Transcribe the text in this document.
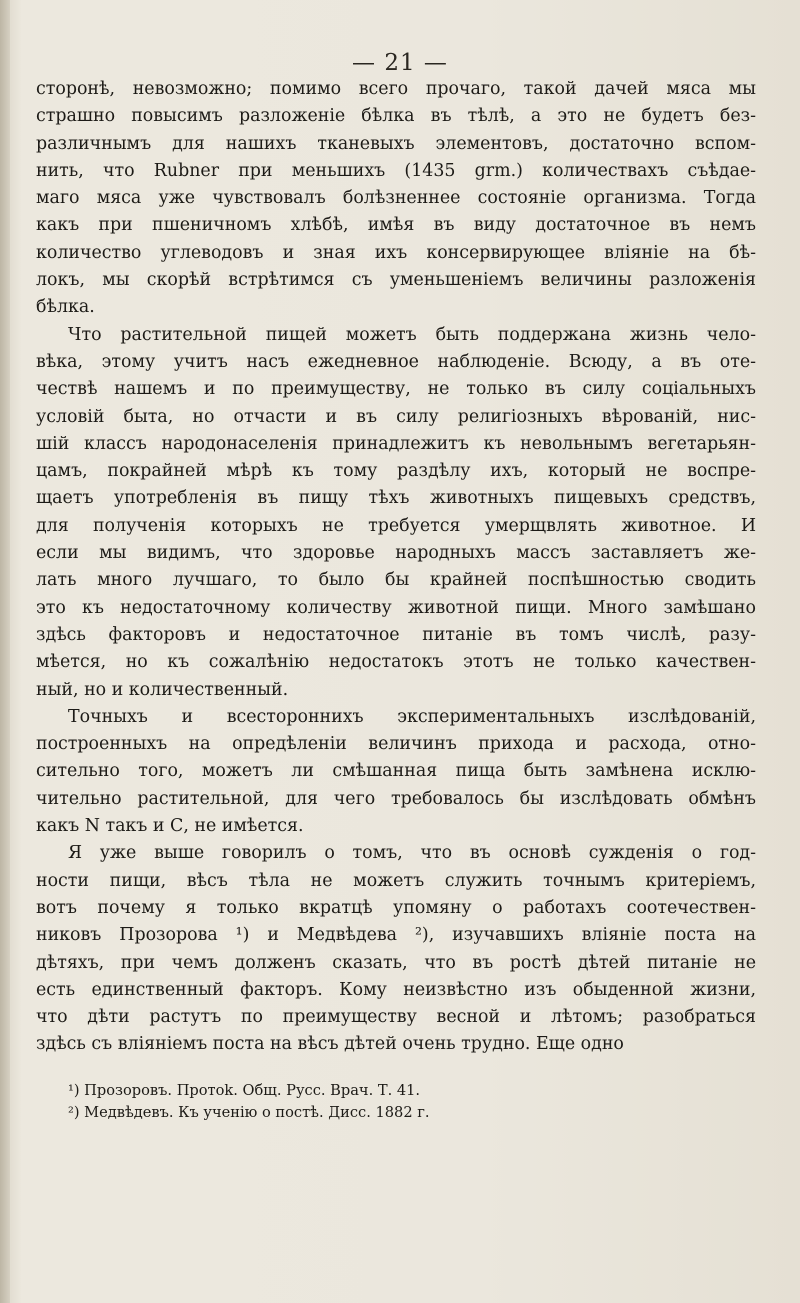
— 21 —
сторонѣ, невозможно; помимо всего прочаго, такой дачей мяса мы
страшно повысимъ разложеніе бѣлка въ тѣлѣ, а это не будетъ без-
различнымъ для нашихъ тканевыхъ элементовъ, достаточно вспом-
нить, что Rubner при меньшихъ (1435 grm.) количествахъ съѣдае-
маго мяса уже чувствовалъ болѣзненнее состояніе организма. Тогда
какъ при пшеничномъ хлѣбѣ, имѣя въ виду достаточное въ немъ
количество углеводовъ и зная ихъ консервирующее вліяніе на бѣ-
локъ, мы скорѣй встрѣтимся съ уменьшеніемъ величины разложенія
бѣлка.
Что растительной пищей можетъ быть поддержана жизнь чело-
вѣка, этому учитъ насъ ежедневное наблюденіе. Всюду, а въ оте-
чествѣ нашемъ и по преимуществу, не только въ силу соціальныхъ
условій быта, но отчасти и въ силу религіозныхъ вѣрованій, нис-
шій классъ народонаселенія принадлежитъ къ невольнымъ вегетарьян-
цамъ, покрайней мѣрѣ къ тому раздѣлу ихъ, который не воспре-
щаетъ употребленія въ пищу тѣхъ животныхъ пищевыхъ средствъ,
для полученія которыхъ не требуется умерщвлять животное. И
если мы видимъ, что здоровье народныхъ массъ заставляетъ же-
лать много лучшаго, то было бы крайней поспѣшностью сводить
это къ недостаточному количеству животной пищи. Много замѣшано
здѣсь факторовъ и недостаточное питаніе въ томъ числѣ, разу-
мѣется, но къ сожалѣнію недостатокъ этотъ не только качествен-
ный, но и количественный.
Точныхъ и всестороннихъ экспериментальныхъ изслѣдованій,
построенныхъ на опредѣленіи величинъ прихода и расхода, отно-
сительно того, можетъ ли смѣшанная пища быть замѣнена исклю-
чительно растительной, для чего требовалось бы изслѣдовать обмѣнъ
какъ N такъ и С, не имѣется.
Я уже выше говорилъ о томъ, что въ основѣ сужденія о год-
ности пищи, вѣсъ тѣла не можетъ служить точнымъ критеріемъ,
вотъ почему я только вкратцѣ упомяну о работахъ соотечествен-
никовъ Прозорова ¹) и Медвѣдева ²), изучавшихъ вліяніе поста на
дѣтяхъ, при чемъ долженъ сказать, что въ ростѣ дѣтей питаніе не
есть единственный факторъ. Кому неизвѣстно изъ обыденной жизни,
что дѣти растутъ по преимуществу весной и лѣтомъ; разобраться
здѣсь съ вліяніемъ поста на вѣсъ дѣтей очень трудно. Еще одно
¹) Прозоровъ. Протok. Общ. Русс. Врач. Т. 41.
²) Медвѣдевъ. Къ ученію о постѣ. Дисс. 1882 г.
